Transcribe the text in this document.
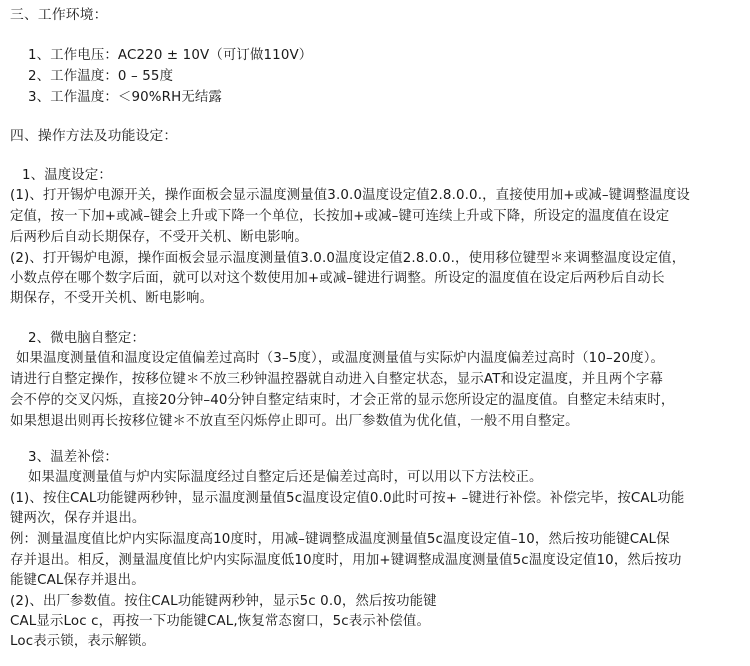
三、工作环境：
1、工作电压：AC220 ± 10V（可订做110V）
2、工作温度：0 – 55度
3、工作温度：＜90%RH无结露
四、操作方法及功能设定：
1、温度设定：
(1)、打开锡炉电源开关，操作面板会显示温度测量值3.0.0温度设定值2.8.0.0.，直接使用加+或减–键调整温度设
定值，按一下加+或减–键会上升或下降一个单位，长按加+或减–键可连续上升或下降，所设定的温度值在设定
后两秒后自动长期保存，不受开关机、断电影响。
(2)、打开锡炉电源，操作面板会显示温度测量值3.0.0温度设定值2.8.0.0.，使用移位键型＊来调整温度设定值，
小数点停在哪个数字后面，就可以对这个数使用加+或减–键进行调整。所设定的温度值在设定后两秒后自动长
期保存，不受开关机、断电影响。
2、微电脑自整定：
如果温度测量值和温度设定值偏差过高时（3–5度），或温度测量值与实际炉内温度偏差过高时（10–20度）。
请进行自整定操作，按移位键＊不放三秒钟温控器就自动进入自整定状态，显示AT和设定温度，并且两个字幕
会不停的交叉闪烁，直接20分钟–40分钟自整定结束时，才会正常的显示您所设定的温度值。自整定未结束时，
如果想退出则再长按移位键＊不放直至闪烁停止即可。出厂参数值为优化值，一般不用自整定。
3、温差补偿：
如果温度测量值与炉内实际温度经过自整定后还是偏差过高时，可以用以下方法校正。
(1)、按住CAL功能键两秒钟，显示温度测量值5c温度设定值0.0此时可按+ –键进行补偿。补偿完毕，按CAL功能
键两次，保存并退出。
例：测量温度值比炉内实际温度高10度时，用减–键调整成温度测量值5c温度设定值–10，然后按功能键CAL保
存并退出。相反，测量温度值比炉内实际温度低10度时，用加+键调整成温度测量值5c温度设定值10，然后按功
能键CAL保存并退出。
(2)、出厂参数值。按住CAL功能键两秒钟，显示5c 0.0，然后按功能键
CAL显示Loc c，再按一下功能键CAL,恢复常态窗口，5c表示补偿值。
Loc表示锁，表示解锁。
